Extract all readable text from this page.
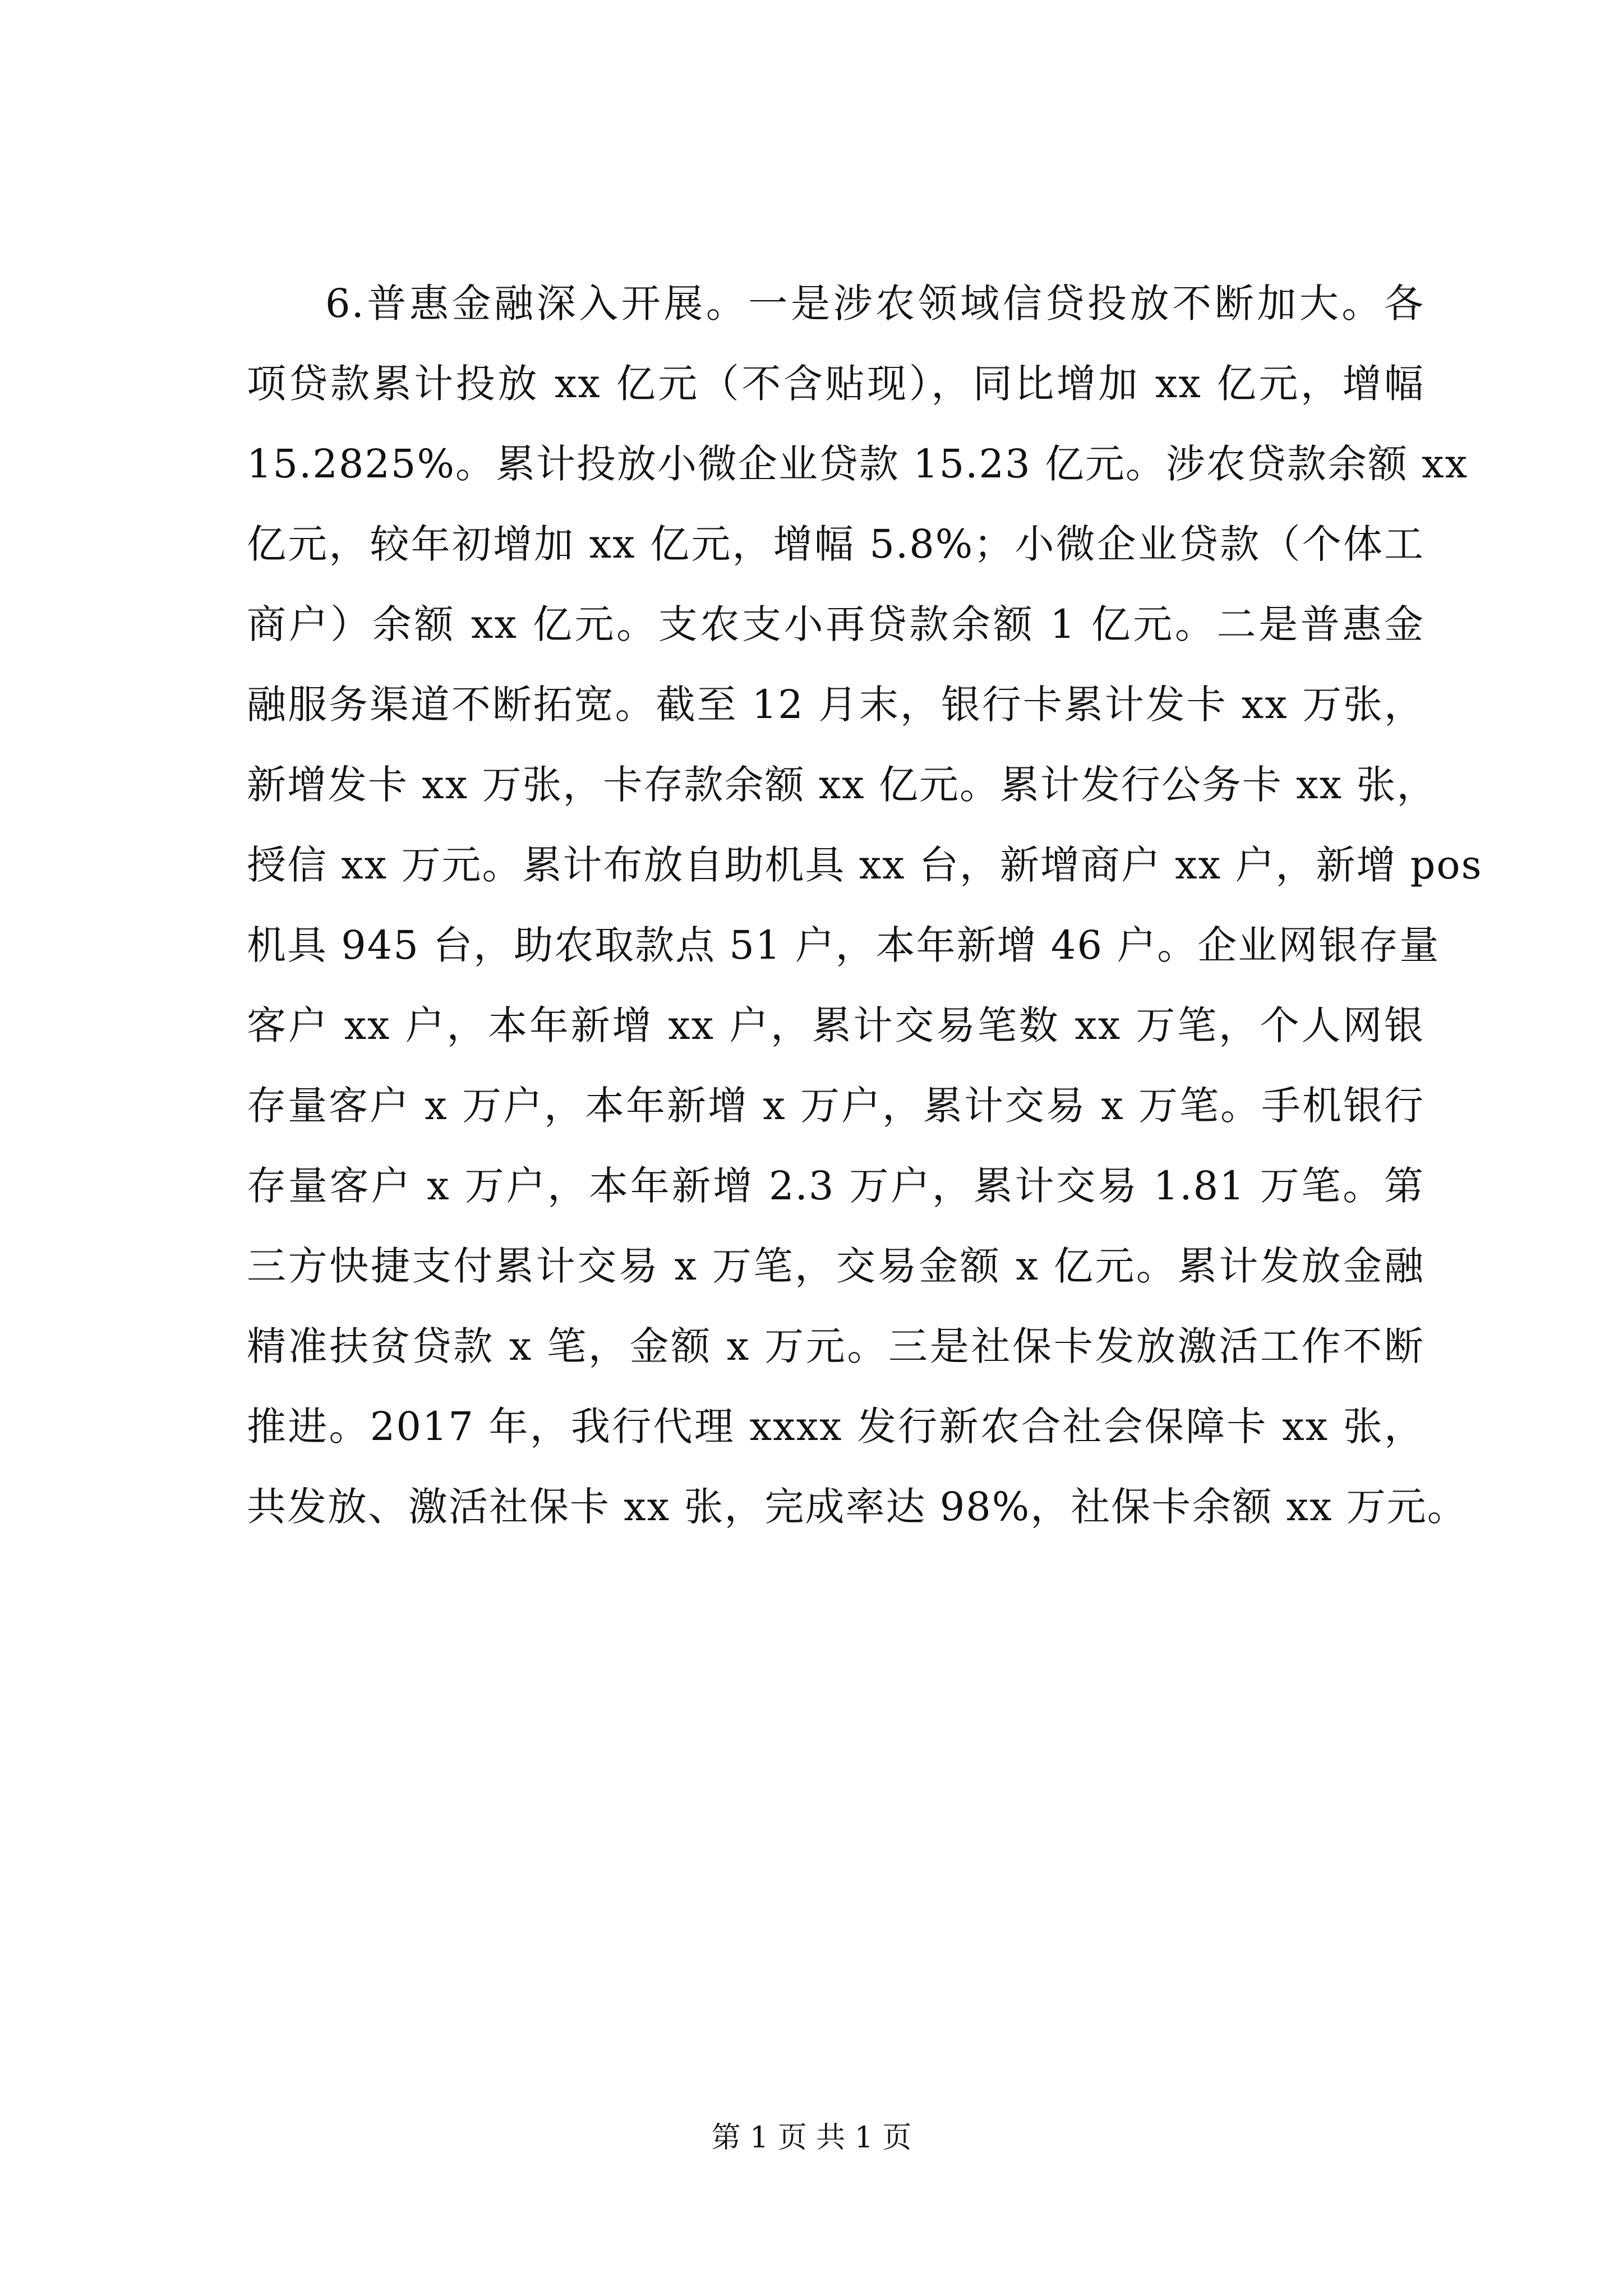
6.普惠金融深入开展。一是涉农领域信贷投放不断加大。各
项贷款累计投放 xx 亿元（不含贴现），同比增加 xx 亿元，增幅
15.2825%。累计投放小微企业贷款 15.23 亿元。涉农贷款余额 xx
亿元，较年初增加 xx 亿元，增幅 5.8%；小微企业贷款（个体工
商户）余额 xx 亿元。支农支小再贷款余额 1 亿元。二是普惠金
融服务渠道不断拓宽。截至 12 月末，银行卡累计发卡 xx 万张，
新增发卡 xx 万张，卡存款余额 xx 亿元。累计发行公务卡 xx 张，
授信 xx 万元。累计布放自助机具 xx 台，新增商户 xx 户，新增 pos
机具 945 台，助农取款点 51 户，本年新增 46 户。企业网银存量
客户 xx 户，本年新增 xx 户，累计交易笔数 xx 万笔，个人网银
存量客户 x 万户，本年新增 x 万户，累计交易 x 万笔。手机银行
存量客户 x 万户，本年新增 2.3 万户，累计交易 1.81 万笔。第
三方快捷支付累计交易 x 万笔，交易金额 x 亿元。累计发放金融
精准扶贫贷款 x 笔，金额 x 万元。三是社保卡发放激活工作不断
推进。2017 年，我行代理 xxxx 发行新农合社会保障卡 xx 张，
共发放、激活社保卡 xx 张，完成率达 98%，社保卡余额 xx 万元。
第 1 页 共 1 页
